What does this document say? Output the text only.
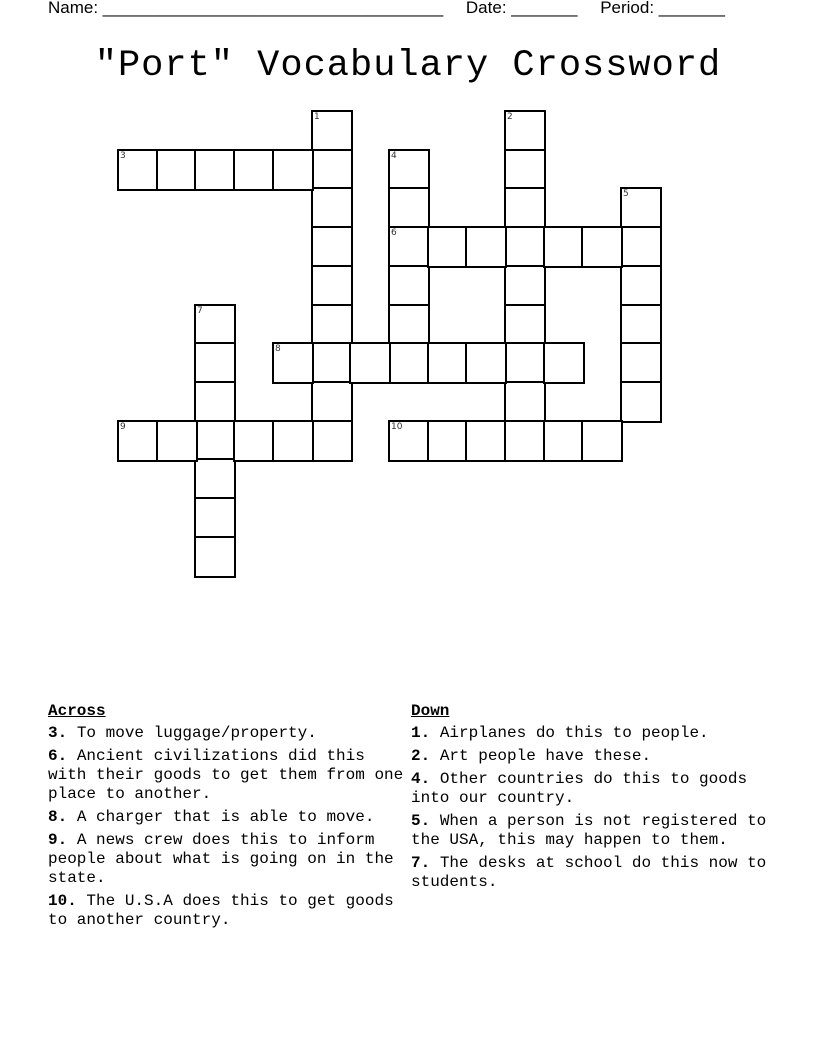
Name: ____________________________________ Date: _______ Period: _______
"Port" Vocabulary Crossword
1	2
3	4
6
5
7
8
9	10
Across
3. To move luggage/property.
6. Ancient civilizations did this with their goods to get them from one place to another.
8. A charger that is able to move.
9. A news crew does this to inform people about what is going on in the state.
10. The U.S.A does this to get goods to another country.
Down
1. Airplanes do this to people.
2. Art people have these.
4. Other countries do this to goods into our country.
5. When a person is not registered to the USA, this may happen to them.
7. The desks at school do this now to students.
